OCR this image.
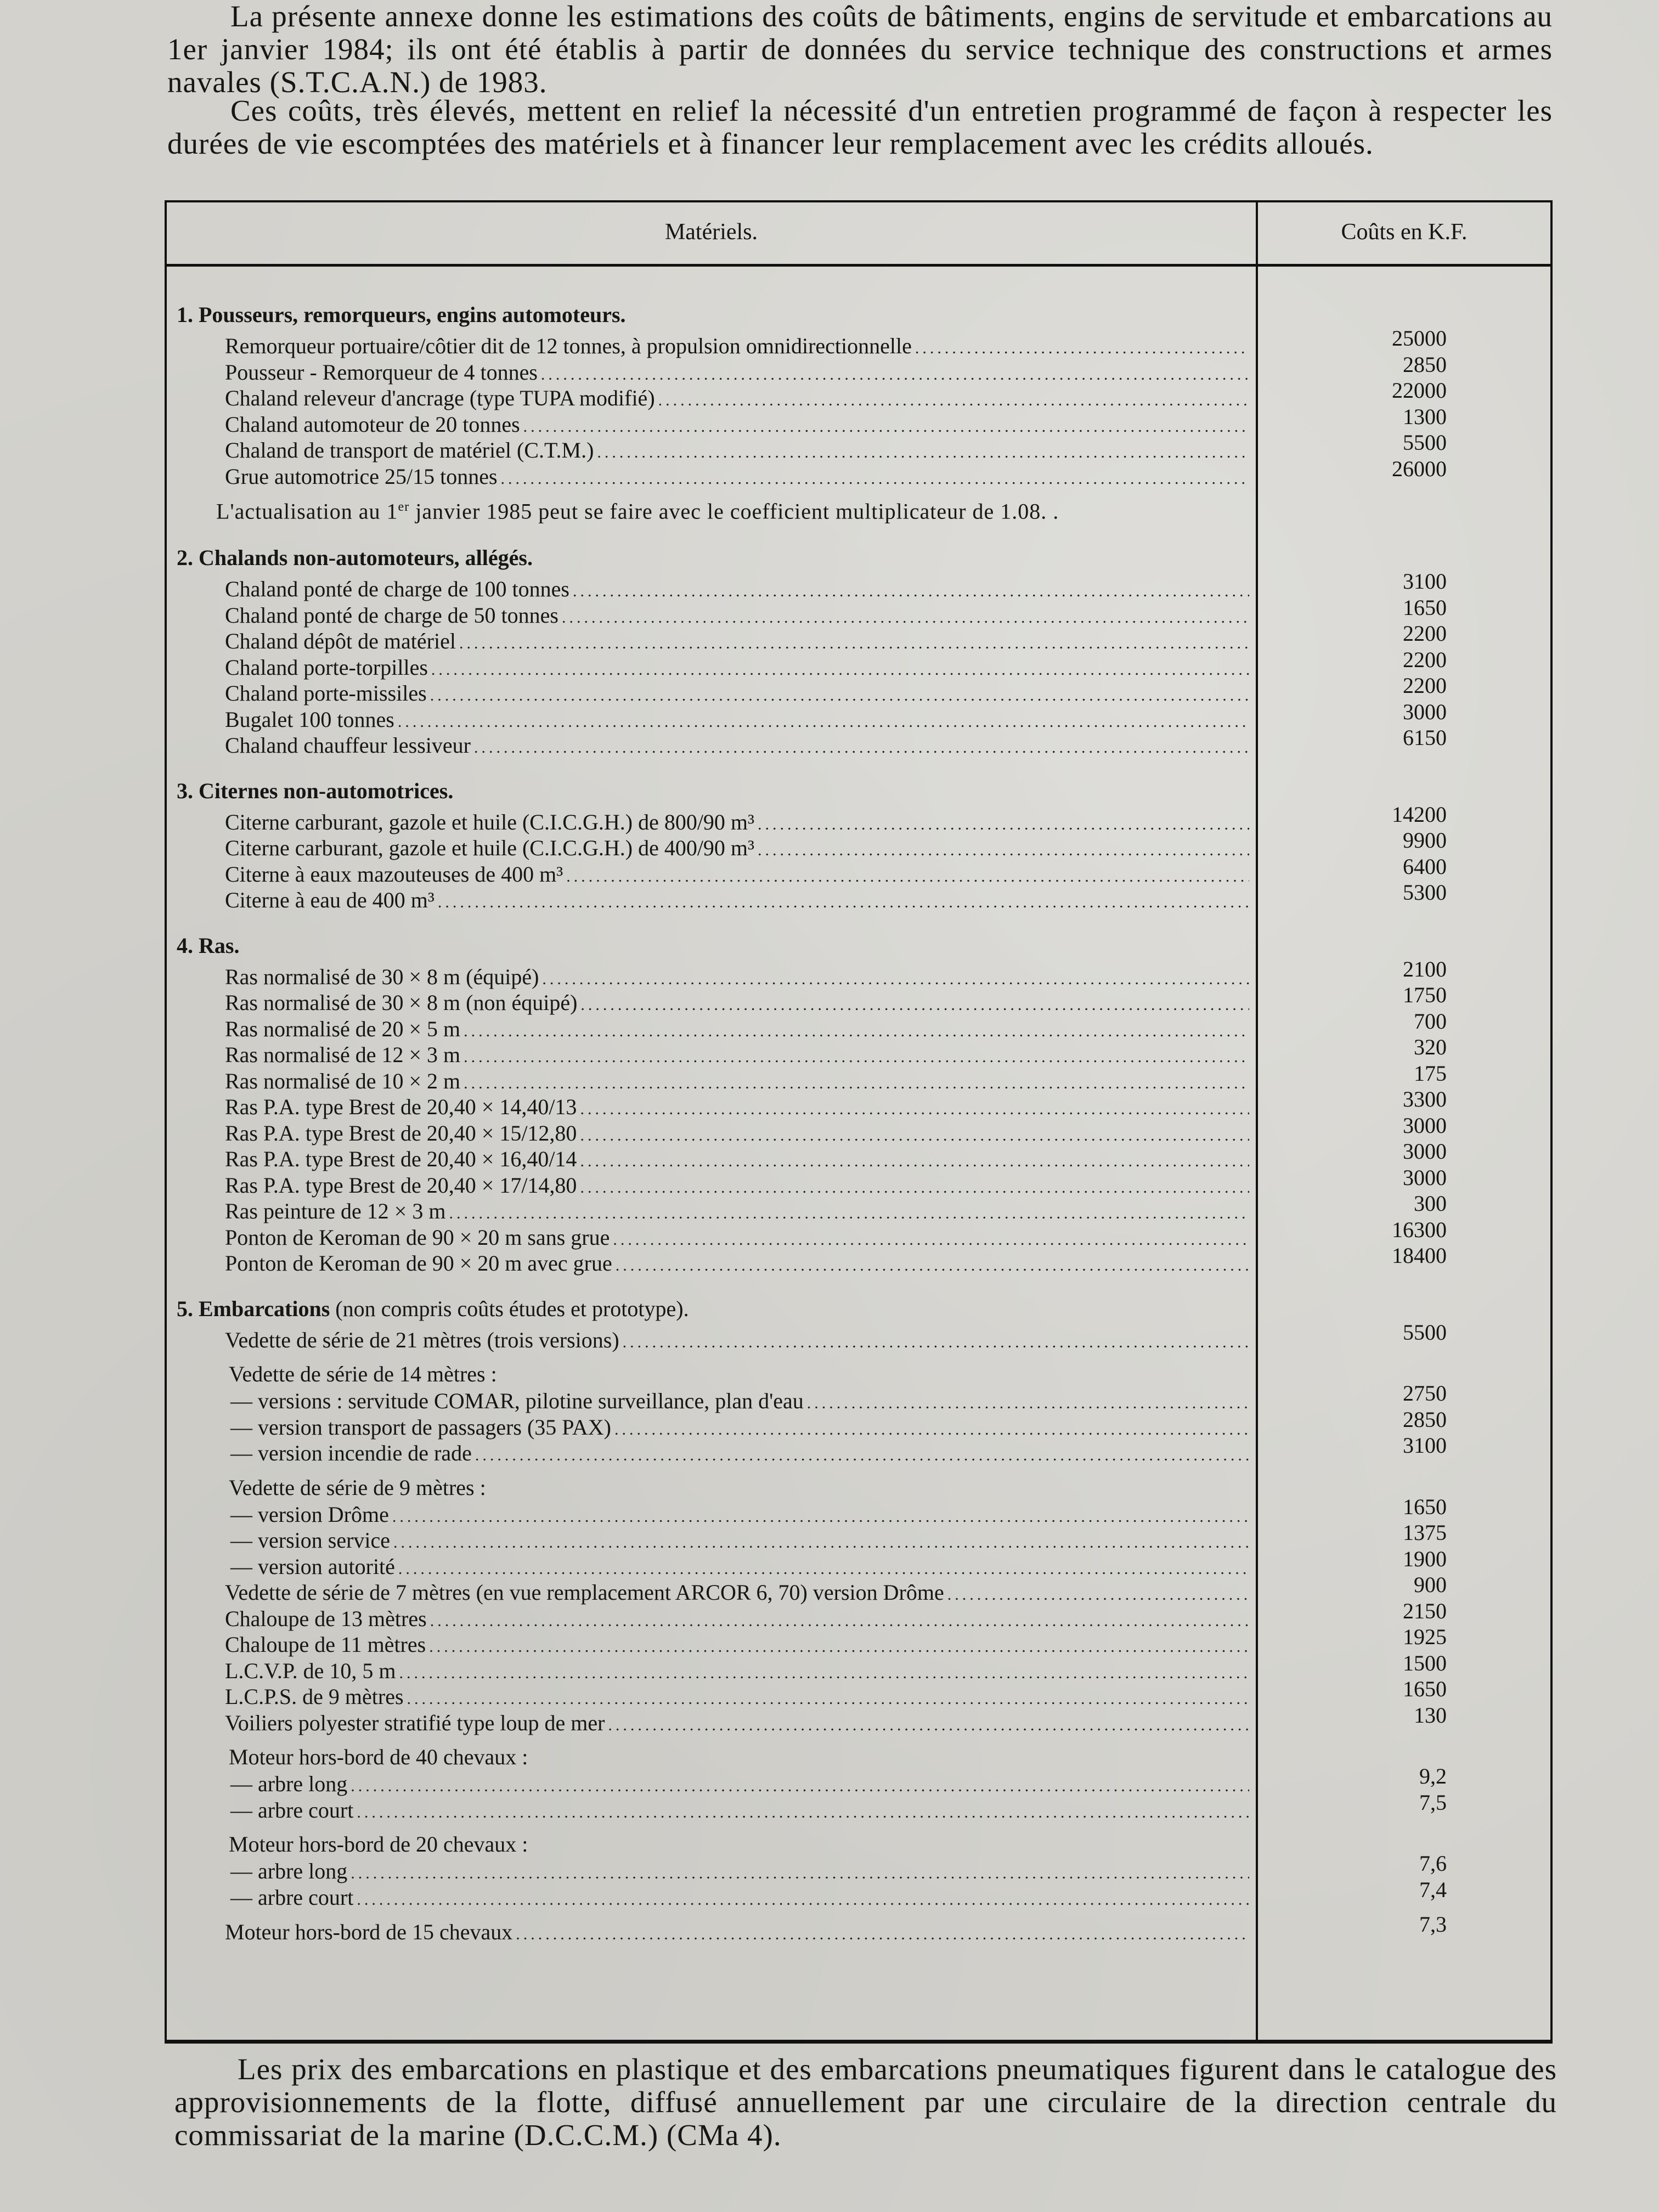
La présente annexe donne les estimations des coûts de bâtiments, engins de servitude et embarcations au 1er janvier 1984; ils ont été établis à partir de données du service technique des constructions et armes navales (S.T.C.A.N.) de 1983.
Ces coûts, très élevés, mettent en relief la nécessité d'un entretien programmé de façon à respecter les durées de vie escomptées des matériels et à financer leur remplacement avec les crédits alloués.
Matériels.	Coûts en K.F.
1. Pousseurs, remorqueurs, engins automoteurs.
Remorqueur portuaire/côtier dit de 12 tonnes, à propulsion omnidirectionnelle .....	25000
Pousseur - Remorqueur de 4 tonnes .....	2850
Chaland releveur d'ancrage (type TUPA modifié) .....	22000
Chaland automoteur de 20 tonnes .....	1300
Chaland de transport de matériel (C.T.M.) .....	5500
Grue automotrice 25/15 tonnes .....	26000
L'actualisation au 1er janvier 1985 peut se faire avec le coefficient multiplicateur de 1.08. .
2. Chalands non-automoteurs, allégés.
Chaland ponté de charge de 100 tonnes .....	3100
Chaland ponté de charge de 50 tonnes .....	1650
Chaland dépôt de matériel .....	2200
Chaland porte-torpilles .....	2200
Chaland porte-missiles .....	2200
Bugalet 100 tonnes .....	3000
Chaland chauffeur lessiveur .....	6150
3. Citernes non-automotrices.
Citerne carburant, gazole et huile (C.I.C.G.H.) de 800/90 m³ .....	14200
Citerne carburant, gazole et huile (C.I.C.G.H.) de 400/90 m³ .....	9900
Citerne à eaux mazouteuses de 400 m³ .....	6400
Citerne à eau de 400 m³ .....	5300
4. Ras.
Ras normalisé de 30 × 8 m (équipé) .....	2100
Ras normalisé de 30 × 8 m (non équipé) .....	1750
Ras normalisé de 20 × 5 m .....	700
Ras normalisé de 12 × 3 m .....	320
Ras normalisé de 10 × 2 m .....	175
Ras P.A. type Brest de 20,40 × 14,40/13 .....	3300
Ras P.A. type Brest de 20,40 × 15/12,80 .....	3000
Ras P.A. type Brest de 20,40 × 16,40/14 .....	3000
Ras P.A. type Brest de 20,40 × 17/14,80 .....	3000
Ras peinture de 12 × 3 m .....	300
Ponton de Keroman de 90 × 20 m sans grue .....	16300
Ponton de Keroman de 90 × 20 m avec grue .....	18400
5. Embarcations (non compris coûts études et prototype).
Vedette de série de 21 mètres (trois versions) .....	5500
Vedette de série de 14 mètres :
— versions : servitude COMAR, pilotine surveillance, plan d'eau .....	2750
— version transport de passagers (35 PAX) .....	2850
— version incendie de rade .....	3100
Vedette de série de 9 mètres :
— version Drôme .....	1650
— version service .....	1375
— version autorité .....	1900
Vedette de série de 7 mètres (en vue remplacement ARCOR 6, 70) version Drôme .....	900
Chaloupe de 13 mètres .....	2150
Chaloupe de 11 mètres .....	1925
L.C.V.P. de 10, 5 m .....	1500
L.C.P.S. de 9 mètres .....	1650
Voiliers polyester stratifié type loup de mer .....	130
Moteur hors-bord de 40 chevaux :
— arbre long .....	9,2
— arbre court .....	7,5
Moteur hors-bord de 20 chevaux :
— arbre long .....	7,6
— arbre court .....	7,4
Moteur hors-bord de 15 chevaux .....	7,3
Les prix des embarcations en plastique et des embarcations pneumatiques figurent dans le catalogue des approvisionnements de la flotte, diffusé annuellement par une circulaire de la direction centrale du commissariat de la marine (D.C.C.M.) (CMa 4).
